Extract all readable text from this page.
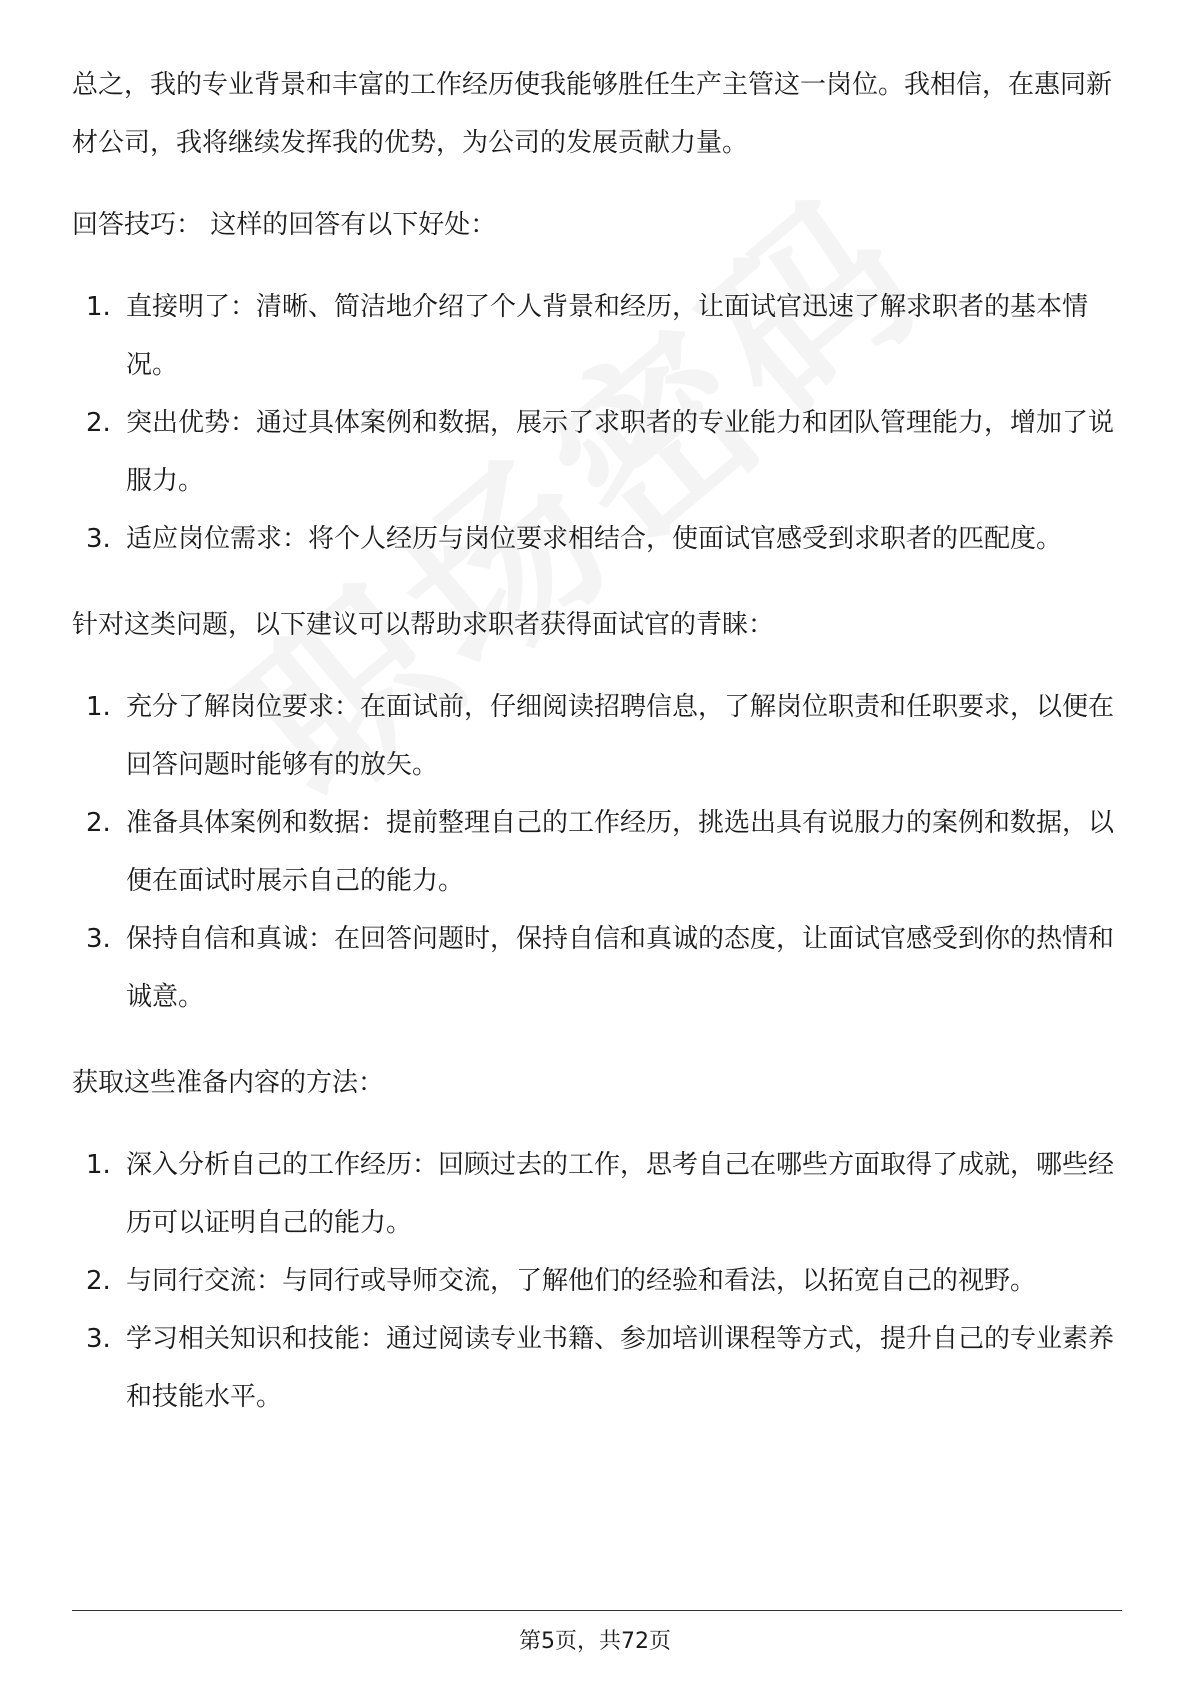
总之，我的专业背景和丰富的工作经历使我能够胜任生产主管这一岗位。我相信，在惠同新材公司，我将继续发挥我的优势，为公司的发展贡献力量。

回答技巧： 这样的回答有以下好处：

1. 直接明了：清晰、简洁地介绍了个人背景和经历，让面试官迅速了解求职者的基本情况。
2. 突出优势：通过具体案例和数据，展示了求职者的专业能力和团队管理能力，增加了说服力。
3. 适应岗位需求：将个人经历与岗位要求相结合，使面试官感受到求职者的匹配度。

针对这类问题，以下建议可以帮助求职者获得面试官的青睐：

1. 充分了解岗位要求：在面试前，仔细阅读招聘信息，了解岗位职责和任职要求，以便在回答问题时能够有的放矢。
2. 准备具体案例和数据：提前整理自己的工作经历，挑选出具有说服力的案例和数据，以便在面试时展示自己的能力。
3. 保持自信和真诚：在回答问题时，保持自信和真诚的态度，让面试官感受到你的热情和诚意。

获取这些准备内容的方法：

1. 深入分析自己的工作经历：回顾过去的工作，思考自己在哪些方面取得了成就，哪些经历可以证明自己的能力。
2. 与同行交流：与同行或导师交流，了解他们的经验和看法，以拓宽自己的视野。
3. 学习相关知识和技能：通过阅读专业书籍、参加培训课程等方式，提升自己的专业素养和技能水平。
第5页，共72页
